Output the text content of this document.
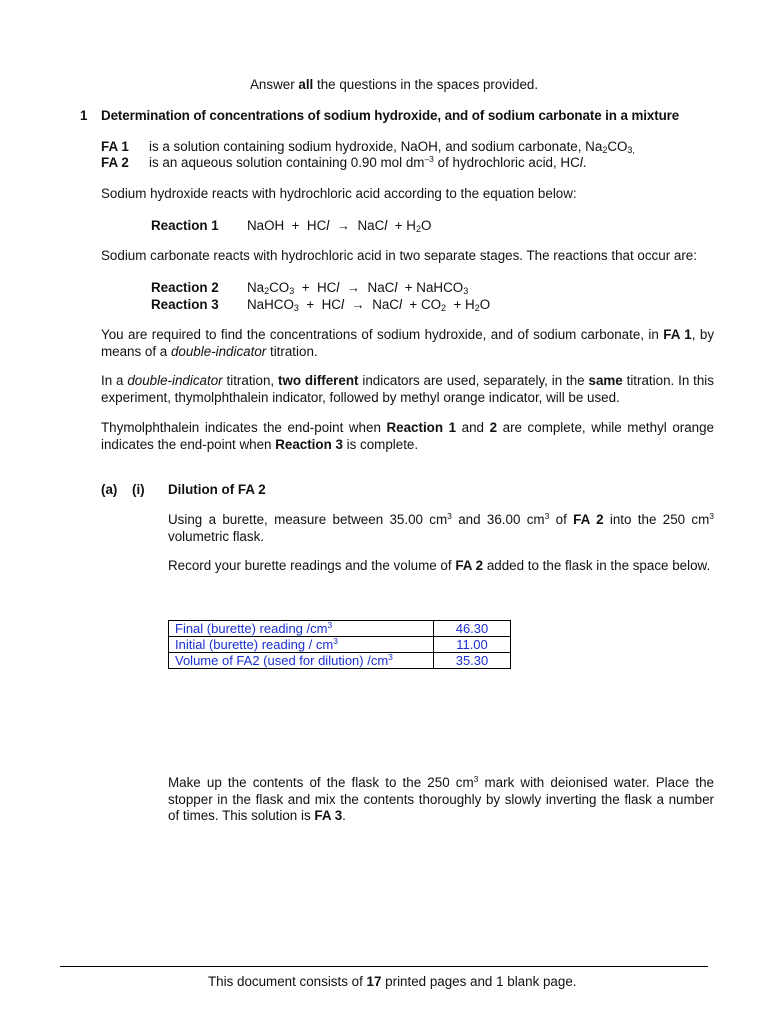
Answer all the questions in the spaces provided.
1 Determination of concentrations of sodium hydroxide, and of sodium carbonate in a mixture
FA 1 is a solution containing sodium hydroxide, NaOH, and sodium carbonate, $Na_2CO_{3,}$
FA 2 is an aqueous solution containing 0.90 mol $dm^{-3}$ of hydrochloric acid, HCl.
Sodium hydroxide reacts with hydrochloric acid according to the equation below:
Reaction 1 NaOH  +  HCl  →  NaCl  + $H_2O$
Sodium carbonate reacts with hydrochloric acid in two separate stages. The reactions that occur are:
Reaction 2 $Na_2CO_3$  +  HCl  →  NaCl  + NaHCO$_3$
Reaction 3 NaHCO$_3$  +  HCl  →  NaCl  + $CO_2 + H_2O$
You are required to find the concentrations of sodium hydroxide, and of sodium carbonate, in FA 1, by means of a double-indicator titration.
In a double-indicator titration, two different indicators are used, separately, in the same titration. In this experiment, thymolphthalein indicator, followed by methyl orange indicator, will be used.
Thymolphthalein indicates the end-point when Reaction 1 and 2 are complete, while methyl orange indicates the end-point when Reaction 3 is complete.
(a) (i) Dilution of FA 2
Using a burette, measure between 35.00 $cm^3$ and 36.00 $cm^3$ of FA 2 into the 250 $cm^3$ volumetric flask.
Record your burette readings and the volume of FA 2 added to the flask in the space below.
Final (burette) reading $/cm^3$	46.30
Initial (burette) reading / $cm^3$	11.00
Volume of FA2 (used for dilution) $/cm^3$	35.30
Make up the contents of the flask to the 250 $cm^3$ mark with deionised water. Place the stopper in the flask and mix the contents thoroughly by slowly inverting the flask a number of times. This solution is FA 3.
This document consists of 17 printed pages and 1 blank page.
